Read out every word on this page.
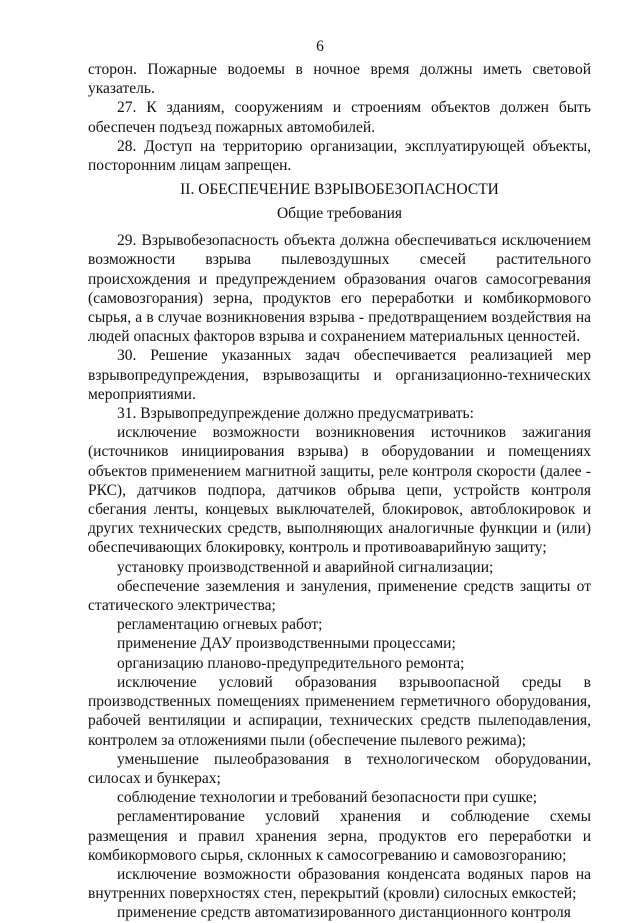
6

сторон. Пожарные водоемы в ночное время должны иметь световой указатель.

27. К зданиям, сооружениям и строениям объектов должен быть обеспечен подъезд пожарных автомобилей.

28. Доступ на территорию организации, эксплуатирующей объекты, посторонним лицам запрещен.

II. ОБЕСПЕЧЕНИЕ ВЗРЫВОБЕЗОПАСНОСТИ
Общие требования

29. Взрывобезопасность объекта должна обеспечиваться исключением возможности взрыва пылевоздушных смесей растительного происхождения и предупреждением образования очагов самосогревания (самовозгорания) зерна, продуктов его переработки и комбикормового сырья, а в случае возникновения взрыва - предотвращением воздействия на людей опасных факторов взрыва и сохранением материальных ценностей.

30. Решение указанных задач обеспечивается реализацией мер взрывопредупреждения, взрывозащиты и организационно-технических мероприятиями.

31. Взрывопредупреждение должно предусматривать:

исключение возможности возникновения источников зажигания (источников инициирования взрыва) в оборудовании и помещениях объектов применением магнитной защиты, реле контроля скорости (далее - РКС), датчиков подпора, датчиков обрыва цепи, устройств контроля сбегания ленты, концевых выключателей, блокировок, автоблокировок и других технических средств, выполняющих аналогичные функции и (или) обеспечивающих блокировку, контроль и противоаварийную защиту;

установку производственной и аварийной сигнализации;

обеспечение заземления и зануления, применение средств защиты от статического электричества;

регламентацию огневых работ;

применение ДАУ производственными процессами;

организацию планово-предупредительного ремонта;

исключение условий образования взрывоопасной среды в производственных помещениях применением герметичного оборудования, рабочей вентиляции и аспирации, технических средств пылеподавления, контролем за отложениями пыли (обеспечение пылевого режима);

уменьшение пылеобразования в технологическом оборудовании, силосах и бункерах;

соблюдение технологии и требований безопасности при сушке;

регламентирование условий хранения и соблюдение схемы размещения и правил хранения зерна, продуктов его переработки и комбикормового сырья, склонных к самосогреванию и самовозгоранию;

исключение возможности образования конденсата водяных паров на внутренних поверхностях стен, перекрытий (кровли) силосных емкостей;

применение средств автоматизированного дистанционного контроля
